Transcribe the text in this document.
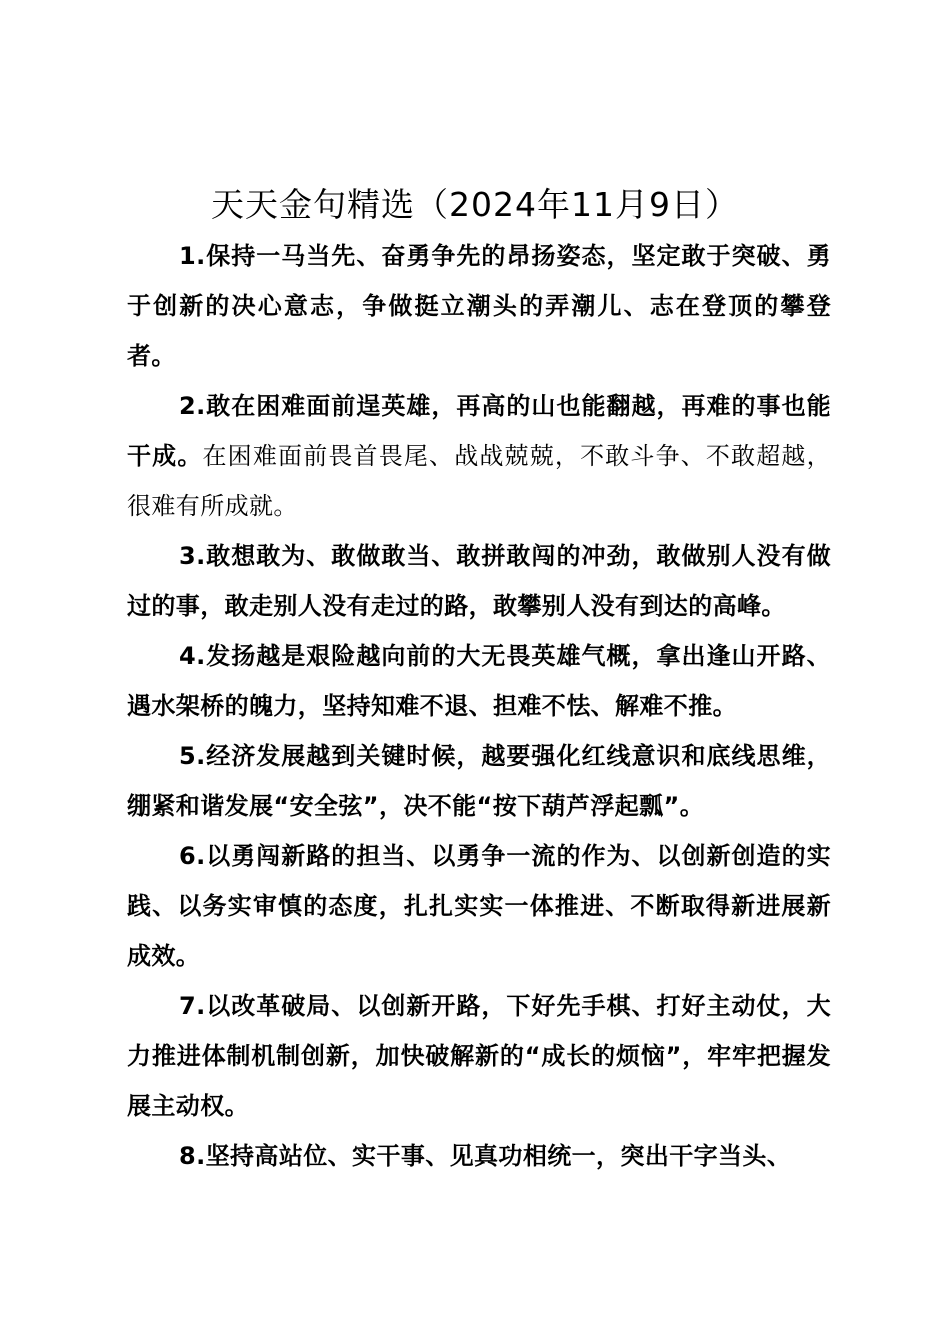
天天金句精选（2024年11月9日）

1.保持一马当先、奋勇争先的昂扬姿态，坚定敢于突破、勇于创新的决心意志，争做挺立潮头的弄潮儿、志在登顶的攀登者。

2.敢在困难面前逞英雄，再高的山也能翻越，再难的事也能干成。在困难面前畏首畏尾、战战兢兢，不敢斗争、不敢超越，很难有所成就。

3.敢想敢为、敢做敢当、敢拼敢闯的冲劲，敢做别人没有做过的事，敢走别人没有走过的路，敢攀别人没有到达的高峰。

4.发扬越是艰险越向前的大无畏英雄气概，拿出逢山开路、遇水架桥的魄力，坚持知难不退、担难不怯、解难不推。

5.经济发展越到关键时候，越要强化红线意识和底线思维，绷紧和谐发展“安全弦”，决不能“按下葫芦浮起瓢”。

6.以勇闯新路的担当、以勇争一流的作为、以创新创造的实践、以务实审慎的态度，扎扎实实一体推进、不断取得新进展新成效。

7.以改革破局、以创新开路，下好先手棋、打好主动仗，大力推进体制机制创新，加快破解新的“成长的烦恼”，牢牢把握发展主动权。

8.坚持高站位、实干事、见真功相统一，突出干字当头、
